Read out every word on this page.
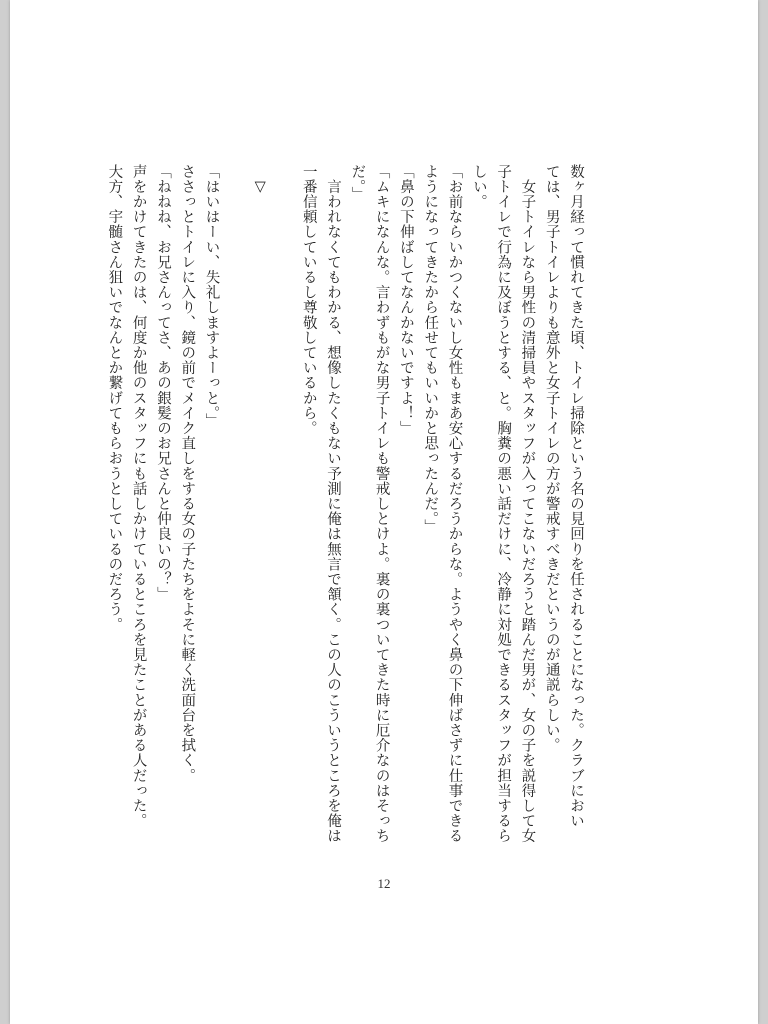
数ヶ月経って慣れてきた頃、トイレ掃除という名の見回りを任されることになった。クラブにおい

ては、男子トイレよりも意外と女子トイレの方が警戒すべきだというのが通説らしい。

　女子トイレなら男性の清掃員やスタッフが入ってこないだろうと踏んだ男が、女の子を説得して女

子トイレで行為に及ぼうとする、と。胸糞の悪い話だけに、冷静に対処できるスタッフが担当するら

しい。

「お前ならいかつくないし女性もまあ安心するだろうからな。ようやく鼻の下伸ばさずに仕事できる

ようになってきたから任せてもいいかと思ったんだ。」

「鼻の下伸ばしてなんかないですよ！」

「ムキになんな。言わずもがな男子トイレも警戒しとけよ。裏の裏ついてきた時に厄介なのはそっち

だ。」

　言われなくてもわかる、想像したくもない予測に俺は無言で頷く。この人のこういうところを俺は

一番信頼しているし尊敬しているから。

　▽

「はいはーい、失礼しますよーっと。」

ささっとトイレに入り、鏡の前でメイク直しをする女の子たちをよそに軽く洗面台を拭く。

「ねねね、お兄さんってさ、あの銀髪のお兄さんと仲良いの？」

声をかけてきたのは、何度か他のスタッフにも話しかけているところを見たことがある人だった。

大方、宇髄さん狙いでなんとか繋げてもらおうとしているのだろう。

12
